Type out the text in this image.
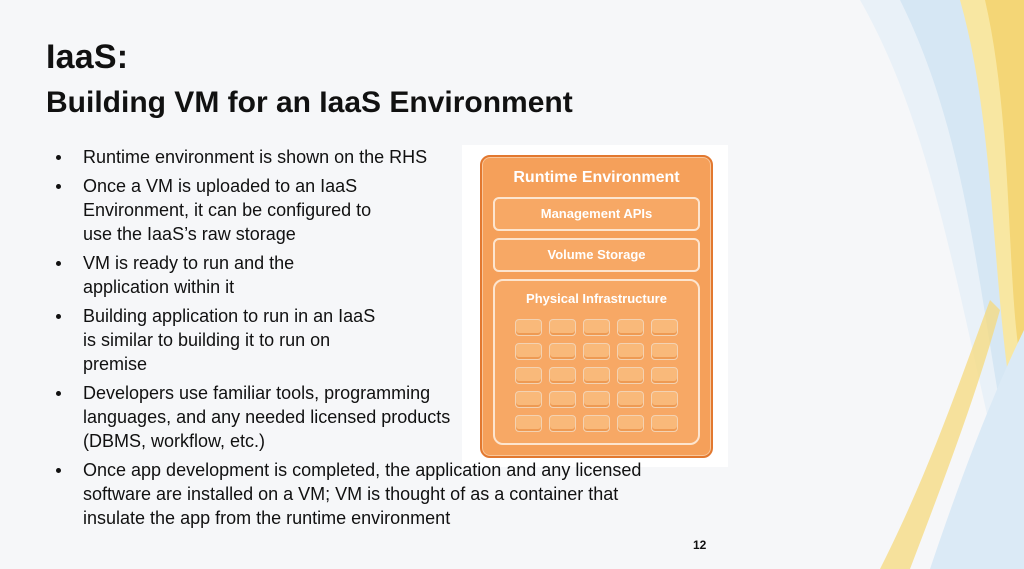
IaaS:
Building VM for an IaaS Environment
Runtime Environment
Management APIs
Volume Storage
Physical Infrastructure
Runtime environment is shown on the RHS
Once a VM is uploaded to an IaaS Environment, it can be configured to use the IaaS’s raw storage
VM is ready to run and the application within it
Building application to run in an IaaS is similar to building it to run on premise
Developers use familiar tools, programming languages, and any needed licensed products (DBMS, workflow, etc.)
Once app development is completed, the application and any licensed software are installed on a VM; VM is thought of as a container that insulate the app from the runtime environment
12
